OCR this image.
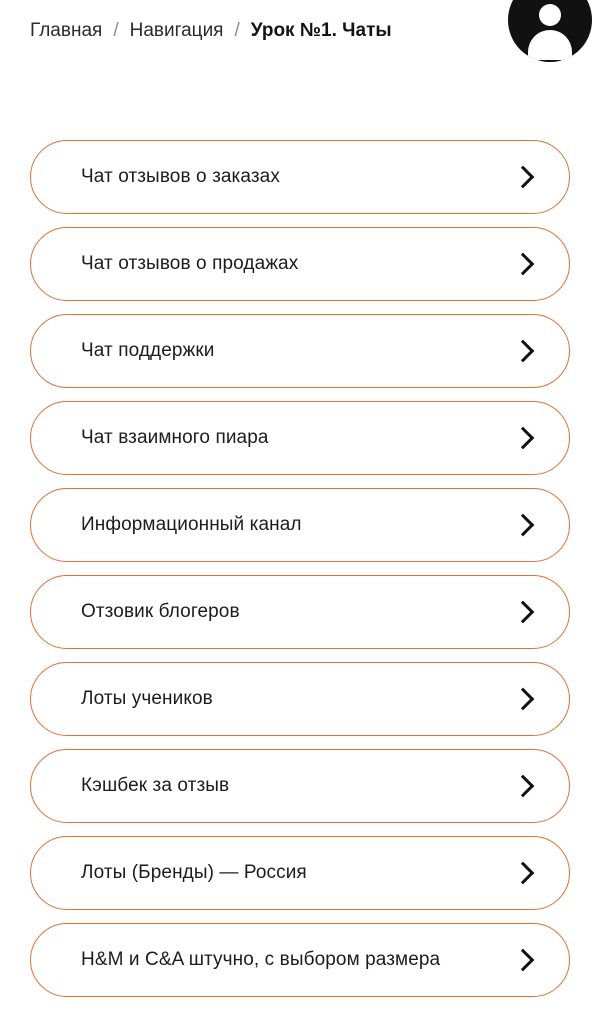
Главная / Навигация / Урок №1. Чаты
Чат отзывов о заказах
Чат отзывов о продажах
Чат поддержки
Чат взаимного пиара
Информационный канал
Отзовик блогеров
Лоты учеников
Кэшбек за отзыв
Лоты (Бренды) — Россия
H&M и C&A штучно, с выбором размера
